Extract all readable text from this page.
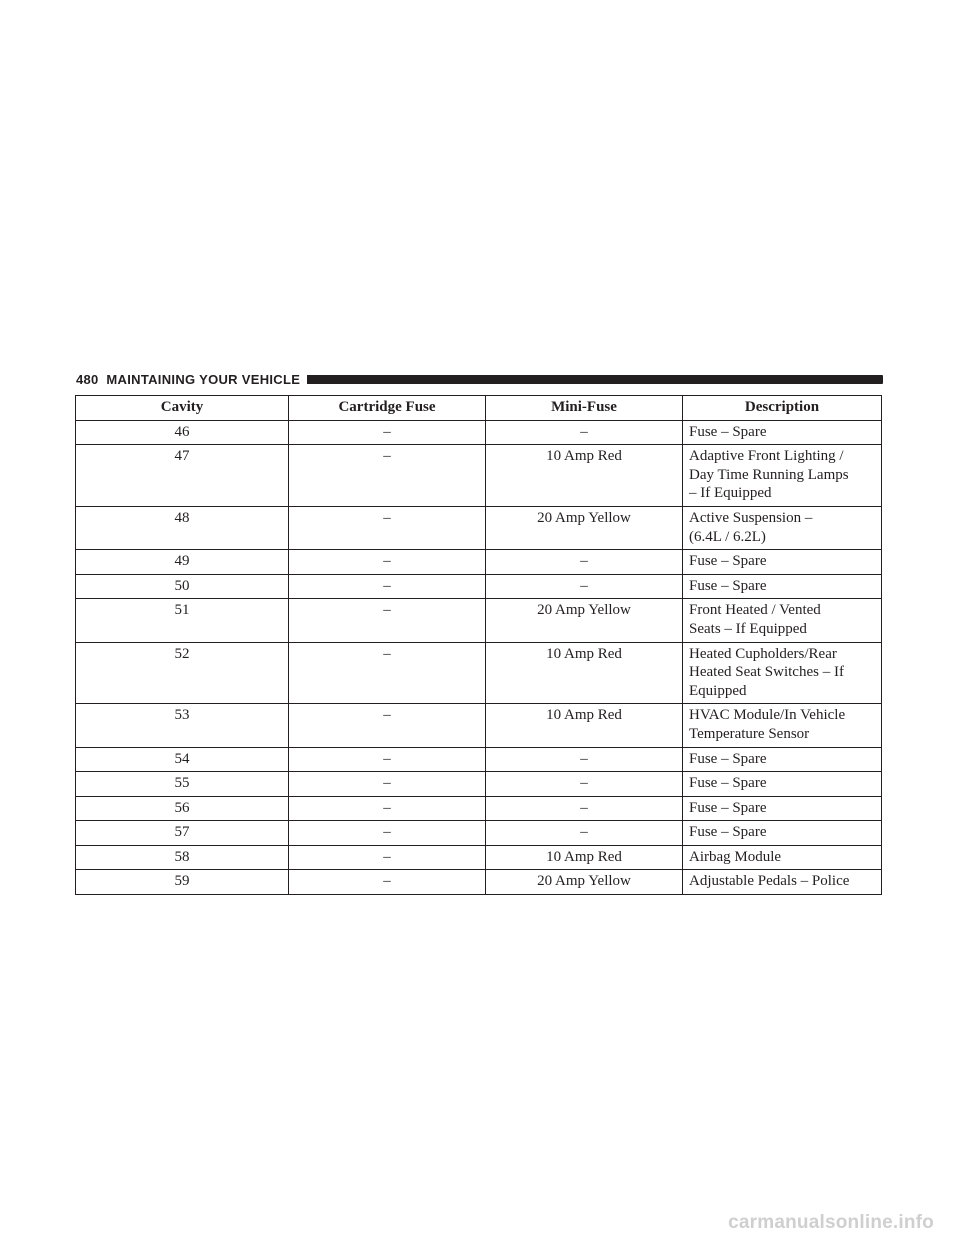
480 MAINTAINING YOUR VEHICLE
Cavity	Cartridge Fuse	Mini-Fuse	Description
46	–	–	Fuse – Spare

47	–	10 Amp Red	Adaptive Front Lighting /
Day Time Running Lamps
– If Equipped

48	–	20 Amp Yellow	Active Suspension –
(6.4L / 6.2L)

49	–	–	Fuse – Spare

50	–	–	Fuse – Spare

51	–	20 Amp Yellow	Front Heated / Vented
Seats – If Equipped

52	–	10 Amp Red	Heated Cupholders/Rear
Heated Seat Switches – If
Equipped

53	–	10 Amp Red	HVAC Module/In Vehicle
Temperature Sensor

54	–	–	Fuse – Spare

55	–	–	Fuse – Spare

56	–	–	Fuse – Spare

57	–	–	Fuse – Spare

58	–	10 Amp Red	Airbag Module

59	–	20 Amp Yellow	Adjustable Pedals – Police
carmanualsonline.info
